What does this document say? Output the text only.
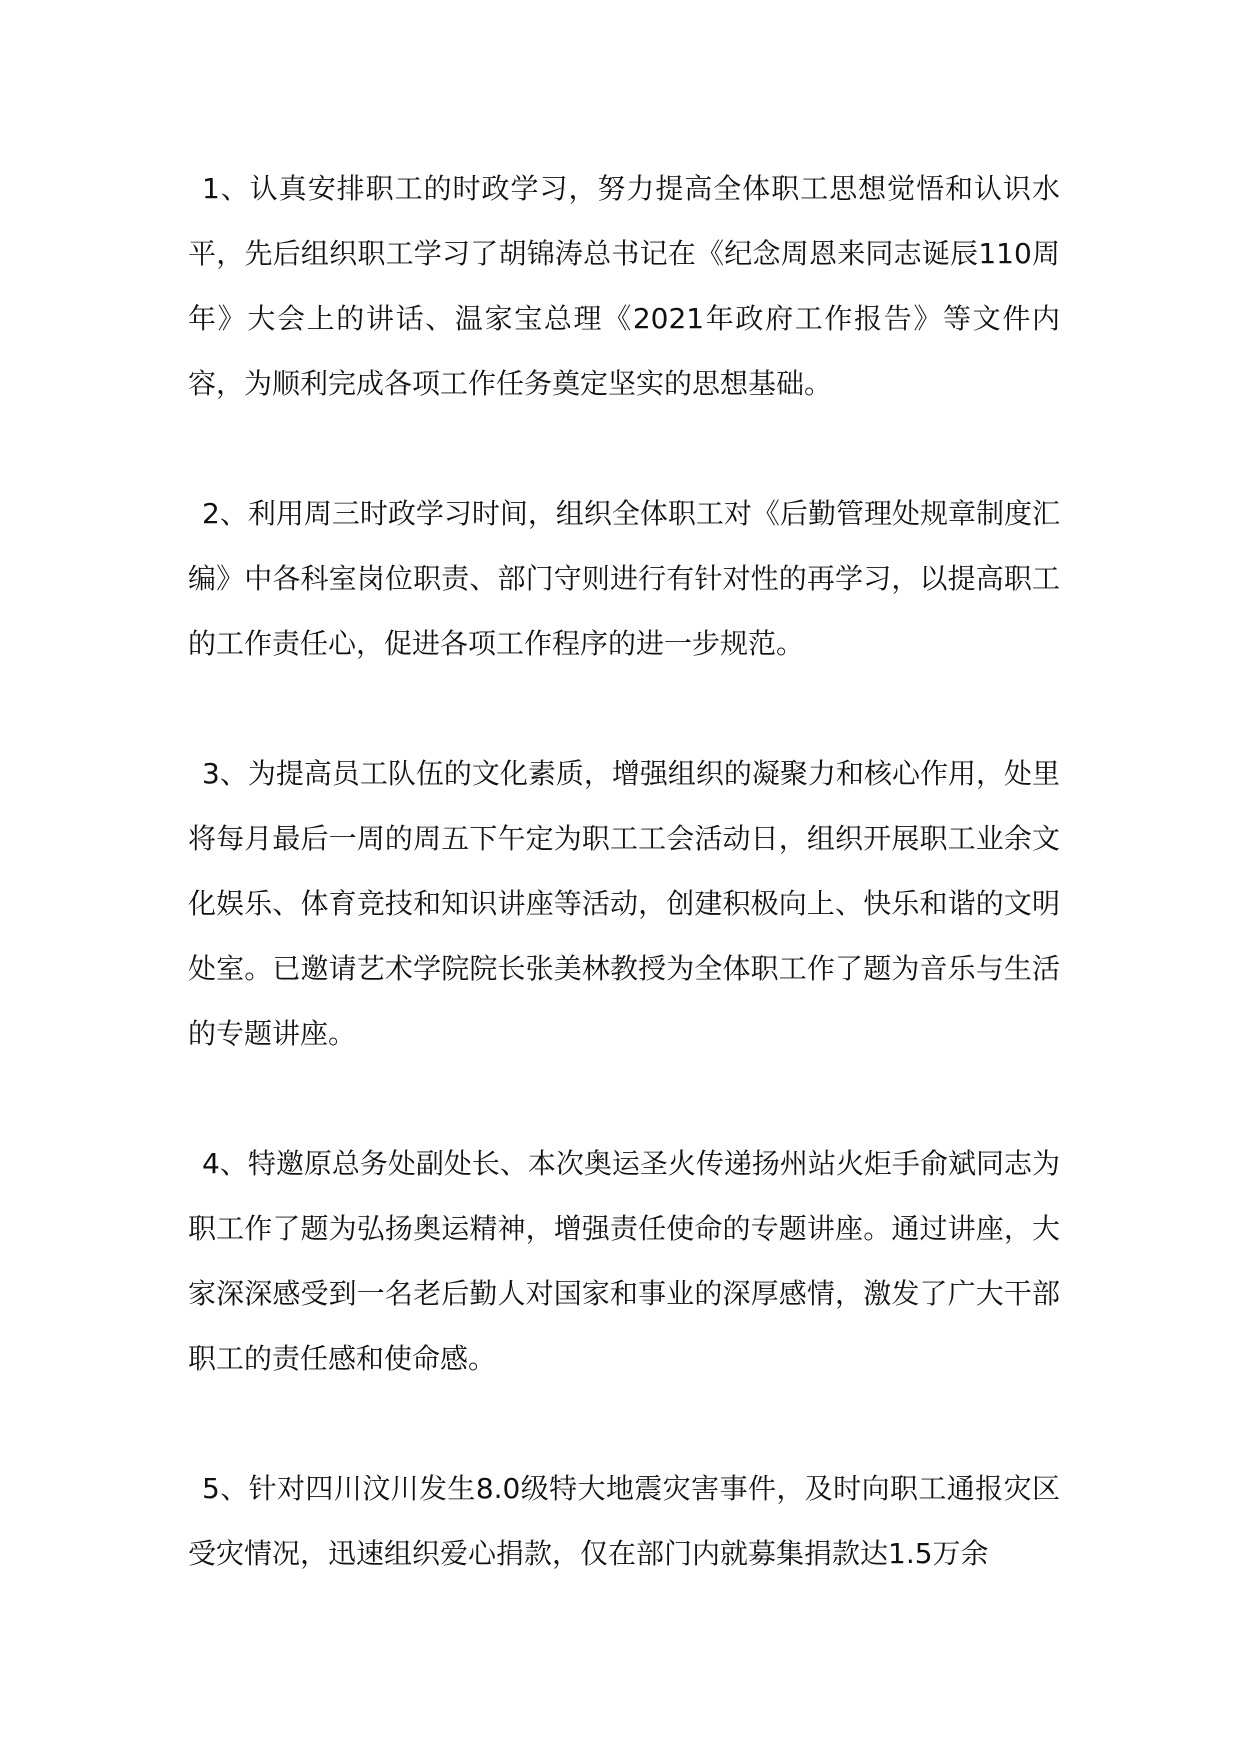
1、认真安排职工的时政学习，努力提高全体职工思想觉悟和认识水平，先后组织职工学习了胡锦涛总书记在《纪念周恩来同志诞辰110周年》大会上的讲话、温家宝总理《2021年政府工作报告》等文件内容，为顺利完成各项工作任务奠定坚实的思想基础。

2、利用周三时政学习时间，组织全体职工对《后勤管理处规章制度汇编》中各科室岗位职责、部门守则进行有针对性的再学习，以提高职工的工作责任心，促进各项工作程序的进一步规范。

3、为提高员工队伍的文化素质，增强组织的凝聚力和核心作用，处里将每月最后一周的周五下午定为职工工会活动日，组织开展职工业余文化娱乐、体育竞技和知识讲座等活动，创建积极向上、快乐和谐的文明处室。已邀请艺术学院院长张美林教授为全体职工作了题为音乐与生活的专题讲座。

4、特邀原总务处副处长、本次奥运圣火传递扬州站火炬手俞斌同志为职工作了题为弘扬奥运精神，增强责任使命的专题讲座。通过讲座，大家深深感受到一名老后勤人对国家和事业的深厚感情，激发了广大干部职工的责任感和使命感。

5、针对四川汶川发生8.0级特大地震灾害事件，及时向职工通报灾区受灾情况，迅速组织爱心捐款，仅在部门内就募集捐款达1.5万余
